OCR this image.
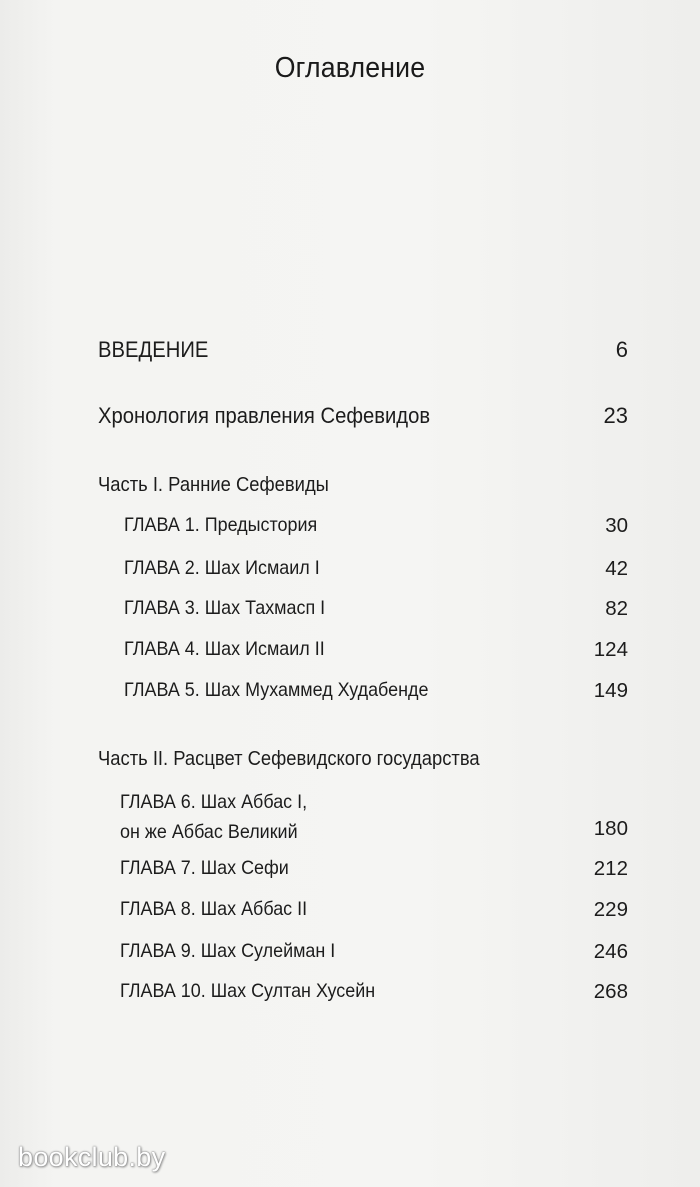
Оглавление
ВВЕДЕНИЕ	6
Хронология правления Сефевидов	23
Часть I. Ранние Сефевиды
ГЛАВА 1. Предыстория	30
ГЛАВА 2. Шах Исмаил I	42
ГЛАВА 3. Шах Тахмасп I	82
ГЛАВА 4. Шах Исмаил II	124
ГЛАВА 5. Шах Мухаммед Худабенде	149
Часть II. Расцвет Сефевидского государства
ГЛАВА 6. Шах Аббас I,
он же Аббас Великий	180
ГЛАВА 7. Шах Сефи	212
ГЛАВА 8. Шах Аббас II	229
ГЛАВА 9. Шах Сулейман I	246
ГЛАВА 10. Шах Султан Хусейн	268
bookclub.by
